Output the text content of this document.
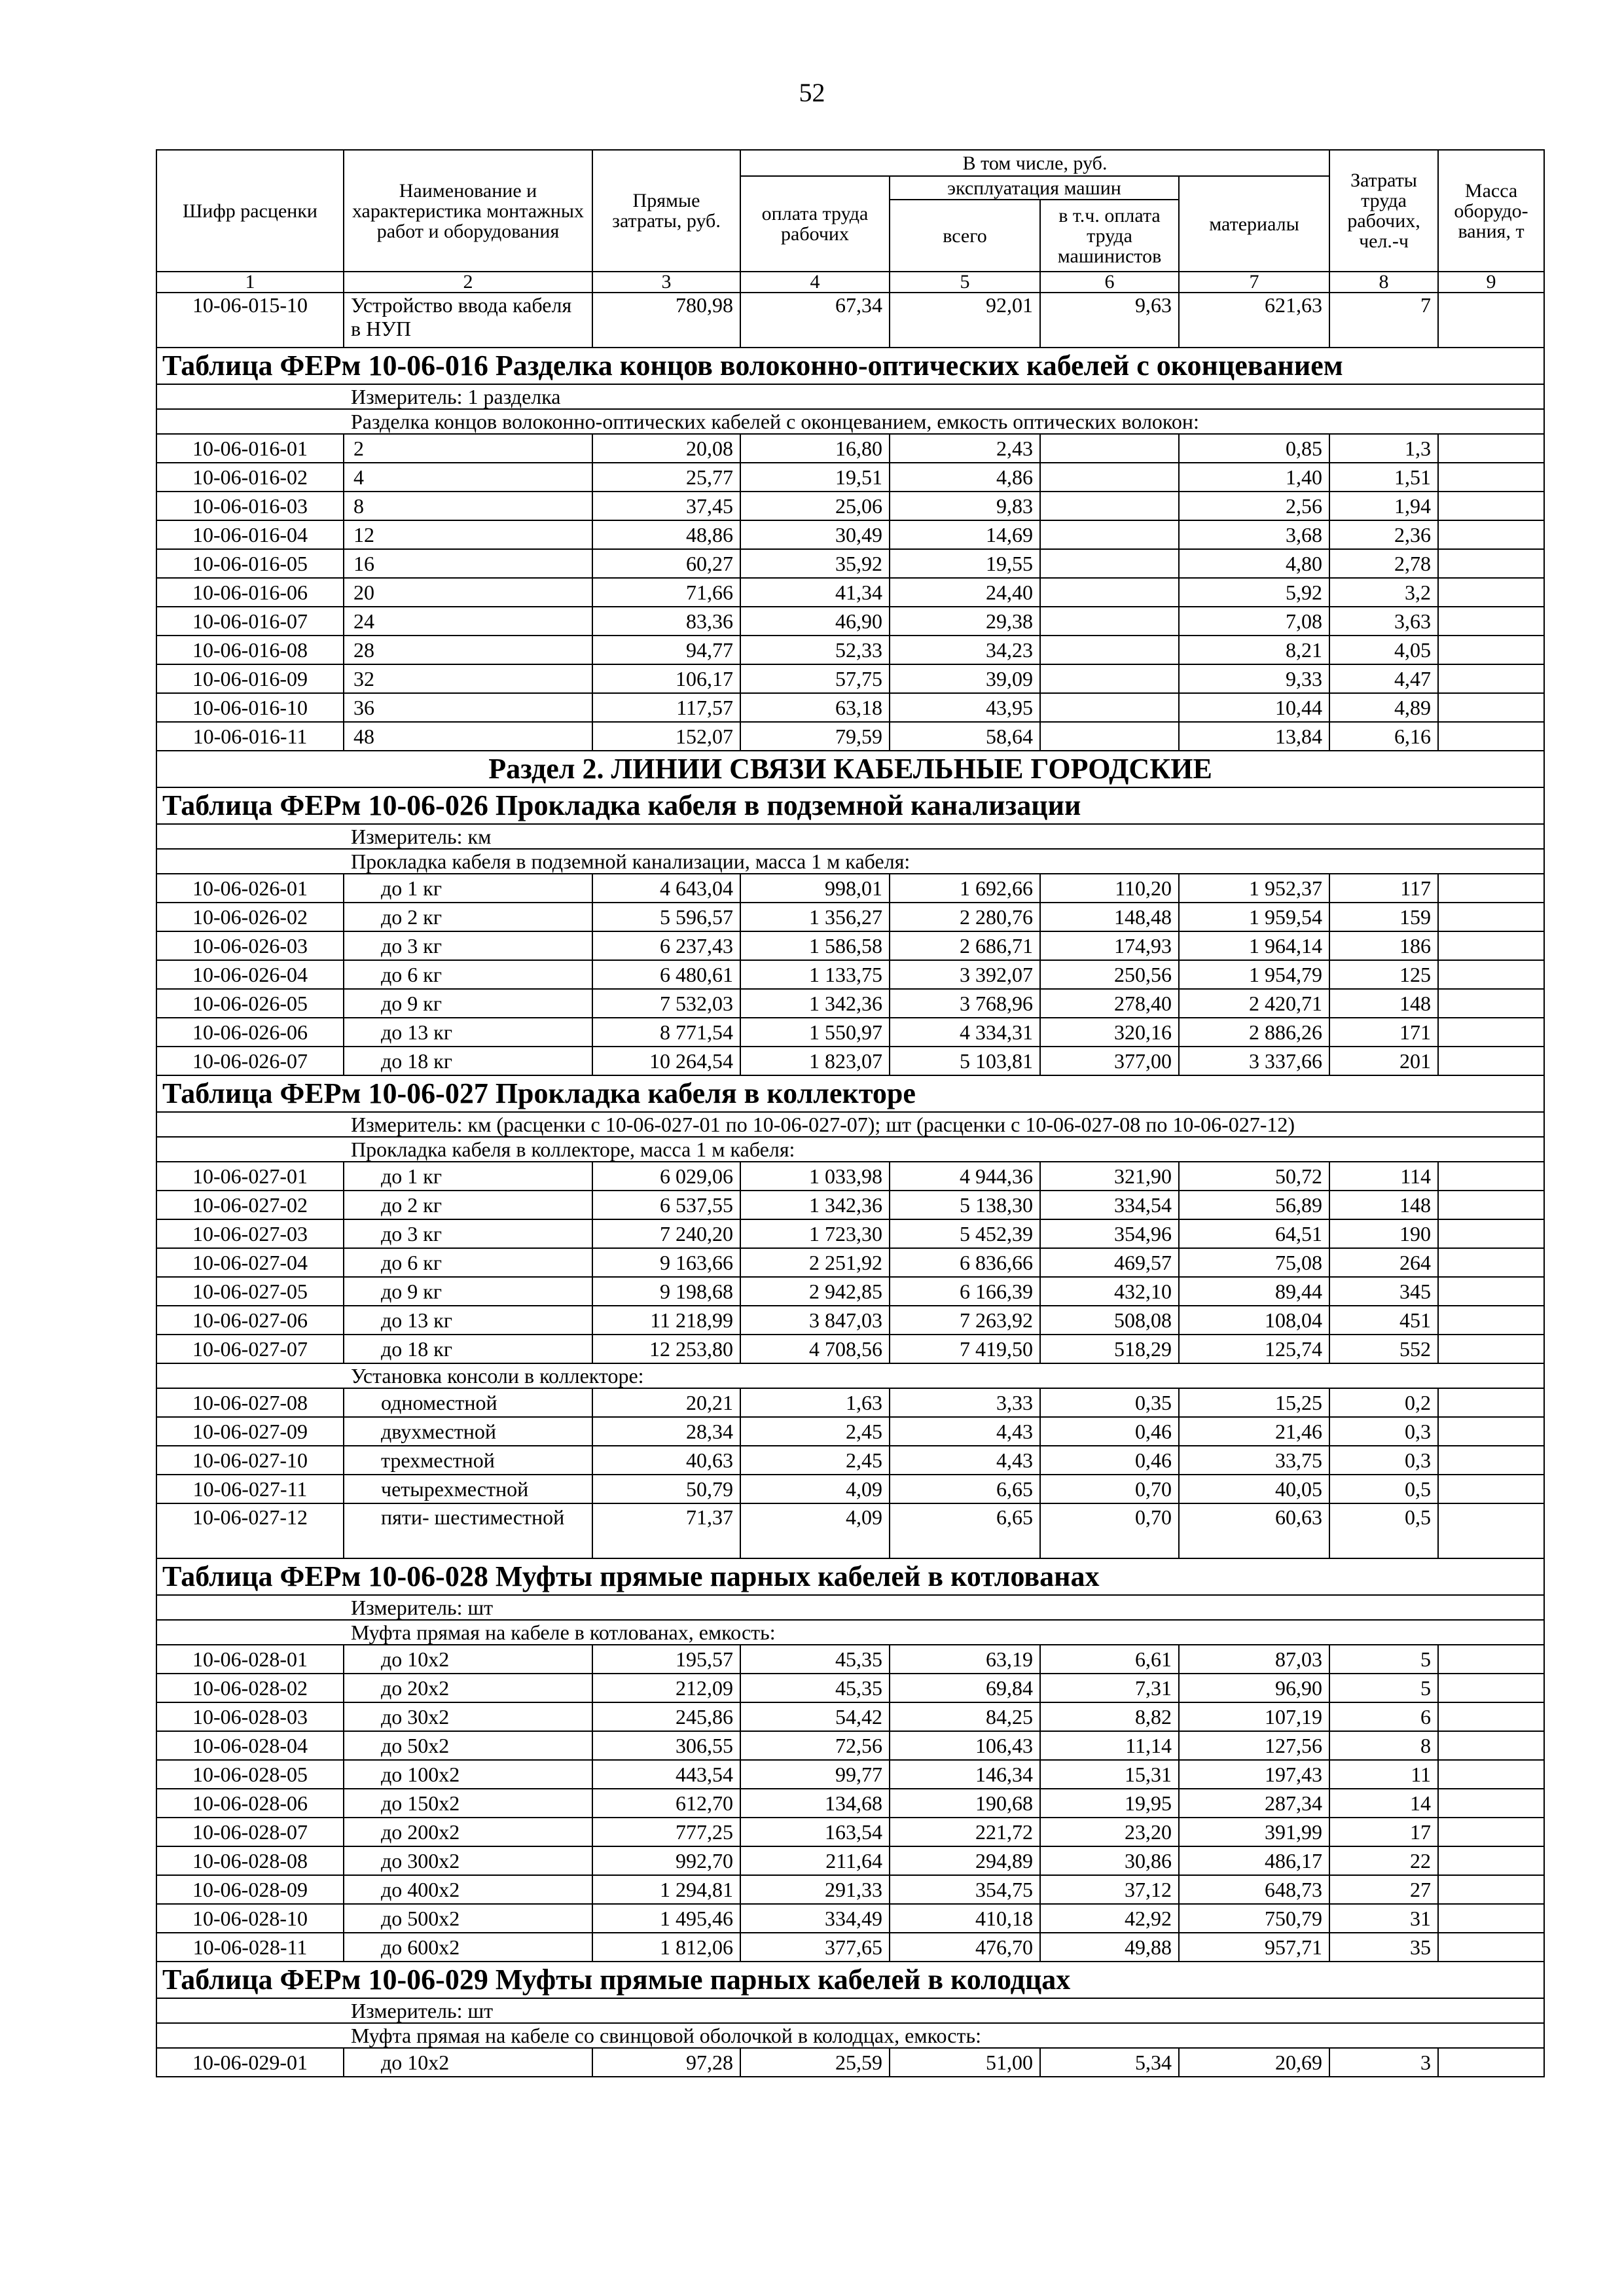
52
Шифр расценки	Наименование и характеристика монтажных работ и оборудования	Прямые затраты, руб.	В том числе, руб.				Затраты труда рабочих, чел.-ч	Масса оборудо- вания, т
			оплата труда рабочих	эксплуатация машин		материалы		
				всего	в т.ч. оплата труда машинистов			
1	2	3	4	5	6	7	8	9
10-06-015-10	Устройство ввода кабеля в НУП	780,98	67,34	92,01	9,63	621,63	7	
Таблица ФЕРм 10-06-016 Разделка концов волоконно-оптических кабелей с оконцеванием								
Измеритель: 1 разделка								
Разделка концов волоконно-оптических кабелей с оконцеванием, емкость оптических волокон:								
10-06-016-01	2	20,08	16,80	2,43		0,85	1,3	
10-06-016-02	4	25,77	19,51	4,86		1,40	1,51	
10-06-016-03	8	37,45	25,06	9,83		2,56	1,94	
10-06-016-04	12	48,86	30,49	14,69		3,68	2,36	
10-06-016-05	16	60,27	35,92	19,55		4,80	2,78	
10-06-016-06	20	71,66	41,34	24,40		5,92	3,2	
10-06-016-07	24	83,36	46,90	29,38		7,08	3,63	
10-06-016-08	28	94,77	52,33	34,23		8,21	4,05	
10-06-016-09	32	106,17	57,75	39,09		9,33	4,47	
10-06-016-10	36	117,57	63,18	43,95		10,44	4,89	
10-06-016-11	48	152,07	79,59	58,64		13,84	6,16	
Раздел 2. ЛИНИИ СВЯЗИ КАБЕЛЬНЫЕ ГОРОДСКИЕ								
Таблица ФЕРм 10-06-026 Прокладка кабеля в подземной канализации								
Измеритель: км								
Прокладка кабеля в подземной канализации, масса 1 м кабеля:								
10-06-026-01	до 1 кг	4 643,04	998,01	1 692,66	110,20	1 952,37	117	
10-06-026-02	до 2 кг	5 596,57	1 356,27	2 280,76	148,48	1 959,54	159	
10-06-026-03	до 3 кг	6 237,43	1 586,58	2 686,71	174,93	1 964,14	186	
10-06-026-04	до 6 кг	6 480,61	1 133,75	3 392,07	250,56	1 954,79	125	
10-06-026-05	до 9 кг	7 532,03	1 342,36	3 768,96	278,40	2 420,71	148	
10-06-026-06	до 13 кг	8 771,54	1 550,97	4 334,31	320,16	2 886,26	171	
10-06-026-07	до 18 кг	10 264,54	1 823,07	5 103,81	377,00	3 337,66	201	
Таблица ФЕРм 10-06-027 Прокладка кабеля в коллекторе								
Измеритель: км (расценки с 10-06-027-01 по 10-06-027-07); шт (расценки с 10-06-027-08 по 10-06-027-12)								
Прокладка кабеля в коллекторе, масса 1 м кабеля:								
10-06-027-01	до 1 кг	6 029,06	1 033,98	4 944,36	321,90	50,72	114	
10-06-027-02	до 2 кг	6 537,55	1 342,36	5 138,30	334,54	56,89	148	
10-06-027-03	до 3 кг	7 240,20	1 723,30	5 452,39	354,96	64,51	190	
10-06-027-04	до 6 кг	9 163,66	2 251,92	6 836,66	469,57	75,08	264	
10-06-027-05	до 9 кг	9 198,68	2 942,85	6 166,39	432,10	89,44	345	
10-06-027-06	до 13 кг	11 218,99	3 847,03	7 263,92	508,08	108,04	451	
10-06-027-07	до 18 кг	12 253,80	4 708,56	7 419,50	518,29	125,74	552	
Установка консоли в коллекторе:								
10-06-027-08	одноместной	20,21	1,63	3,33	0,35	15,25	0,2	
10-06-027-09	двухместной	28,34	2,45	4,43	0,46	21,46	0,3	
10-06-027-10	трехместной	40,63	2,45	4,43	0,46	33,75	0,3	
10-06-027-11	четырехместной	50,79	4,09	6,65	0,70	40,05	0,5	
10-06-027-12	пяти- шестиместной	71,37	4,09	6,65	0,70	60,63	0,5	
Таблица ФЕРм 10-06-028 Муфты прямые парных кабелей в котлованах								
Измеритель: шт								
Муфта прямая на кабеле в котлованах, емкость:								
10-06-028-01	до 10х2	195,57	45,35	63,19	6,61	87,03	5	
10-06-028-02	до 20х2	212,09	45,35	69,84	7,31	96,90	5	
10-06-028-03	до 30х2	245,86	54,42	84,25	8,82	107,19	6	
10-06-028-04	до 50х2	306,55	72,56	106,43	11,14	127,56	8	
10-06-028-05	до 100х2	443,54	99,77	146,34	15,31	197,43	11	
10-06-028-06	до 150х2	612,70	134,68	190,68	19,95	287,34	14	
10-06-028-07	до 200х2	777,25	163,54	221,72	23,20	391,99	17	
10-06-028-08	до 300х2	992,70	211,64	294,89	30,86	486,17	22	
10-06-028-09	до 400х2	1 294,81	291,33	354,75	37,12	648,73	27	
10-06-028-10	до 500х2	1 495,46	334,49	410,18	42,92	750,79	31	
10-06-028-11	до 600х2	1 812,06	377,65	476,70	49,88	957,71	35	
Таблица ФЕРм 10-06-029 Муфты прямые парных кабелей в колодцах								
Измеритель: шт								
Муфта прямая на кабеле со свинцовой оболочкой в колодцах, емкость:								
10-06-029-01	до 10х2	97,28	25,59	51,00	5,34	20,69	3	
